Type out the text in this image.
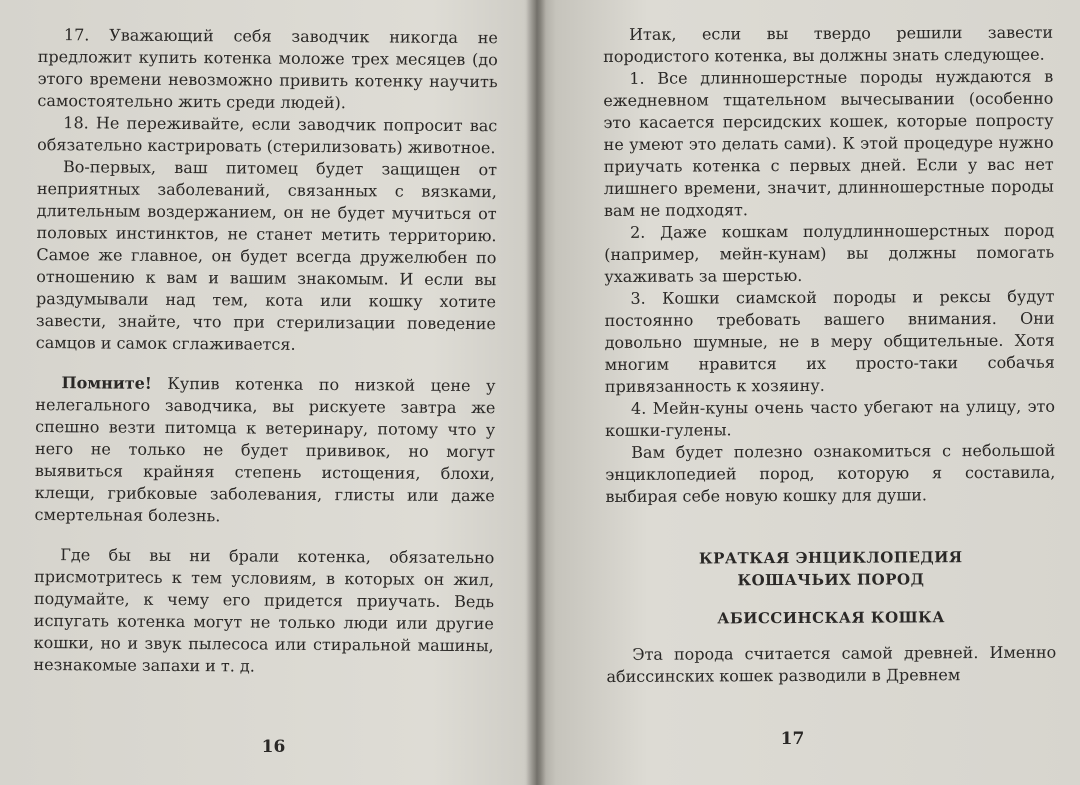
17. Уважающий себя заводчик никогда не предложит купить котенка моложе трех месяцев (до этого времени невозможно привить котенку научить самостоятельно жить среди людей).

18. Не переживайте, если заводчик попросит вас обязательно кастрировать (стерилизовать) животное.

Во-первых, ваш питомец будет защищен от неприятных заболеваний, связанных с вязками, длительным воздержанием, он не будет мучиться от половых инстинктов, не станет метить территорию. Самое же главное, он будет всегда дружелюбен по отношению к вам и вашим знакомым. И если вы раздумывали над тем, кота или кошку хотите завести, знайте, что при стерилизации поведение самцов и самок сглаживается.

Помните! Купив котенка по низкой цене у нелегального заводчика, вы рискуете завтра же спешно везти питомца к ветеринару, потому что у него не только не будет прививок, но могут выявиться крайняя степень истощения, блохи, клещи, грибковые заболевания, глисты или даже смертельная болезнь.

Где бы вы ни брали котенка, обязательно присмотритесь к тем условиям, в которых он жил, подумайте, к чему его придется приучать. Ведь испугать котенка могут не только люди или другие кошки, но и звук пылесоса или стиральной машины, незнакомые запахи и т. д.

16

Итак, если вы твердо решили завести породистого котенка, вы должны знать следующее.

1. Все длинношерстные породы нуждаются в ежедневном тщательном вычесывании (особенно это касается персидских кошек, которые попросту не умеют это делать сами). К этой процедуре нужно приучать котенка с первых дней. Если у вас нет лишнего времени, значит, длинношерстные породы вам не подходят.

2. Даже кошкам полудлинношерстных пород (например, мейн-кунам) вы должны помогать ухаживать за шерстью.

3. Кошки сиамской породы и рексы будут постоянно требовать вашего внимания. Они довольно шумные, не в меру общительные. Хотя многим нравится их просто-таки собачья привязанность к хозяину.

4. Мейн-куны очень часто убегают на улицу, это кошки-гулены.

Вам будет полезно ознакомиться с небольшой энциклопедией пород, которую я составила, выбирая себе новую кошку для души.

КРАТКАЯ ЭНЦИКЛОПЕДИЯ

КОШАЧЬИХ ПОРОД

АБИССИНСКАЯ КОШКА

Эта порода считается самой древней. Именно абиссинских кошек разводили в Древнем

17
